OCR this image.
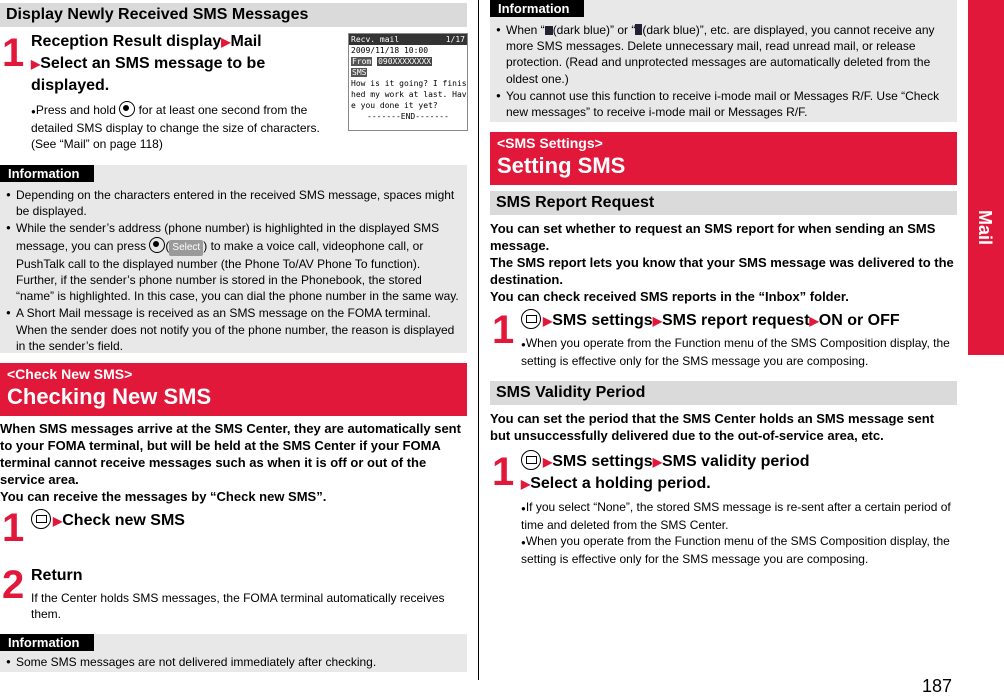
Display Newly Received SMS Messages
1 Reception Result display▶Mail
▶Select an SMS message to be displayed.
●Press and hold for at least one second from the detailed SMS display to change the size of characters. (See “Mail” on page 118)
Recv. mail	1/17
2009/11/18 10:00
From 090XXXXXXXX
SMS
How is it going? I finis
hed my work at last. Hav
e you done it yet?
-------END-------
Information
● Depending on the characters entered in the received SMS message, spaces might be displayed.
● While the sender’s address (phone number) is highlighted in the displayed SMS message, you can press ( Select ) to make a voice call, videophone call, or PushTalk call to the displayed number (the Phone To/AV Phone To function). Further, if the sender’s phone number is stored in the Phonebook, the stored “name” is highlighted. In this case, you can dial the phone number in the same way.
● A Short Mail message is received as an SMS message on the FOMA terminal. When the sender does not notify you of the phone number, the reason is displayed in the sender’s field.
<Check New SMS>
Checking New SMS
When SMS messages arrive at the SMS Center, they are automatically sent to your FOMA terminal, but will be held at the SMS Center if your FOMA terminal cannot receive messages such as when it is off or out of the service area.
You can receive the messages by “Check new SMS”.
1	▶Check new SMS
2 Return
If the Center holds SMS messages, the FOMA terminal automatically receives them.
Information
● Some SMS messages are not delivered immediately after checking.
Information
● When “ (dark blue)” or “ (dark blue)”, etc. are displayed, you cannot receive any more SMS messages. Delete unnecessary mail, read unread mail, or release protection. (Read and unprotected messages are automatically deleted from the oldest one.)
● You cannot use this function to receive i-mode mail or Messages R/F. Use “Check new messages” to receive i-mode mail or Messages R/F.
<SMS Settings>
Setting SMS
SMS Report Request
You can set whether to request an SMS report for when sending an SMS message.
The SMS report lets you know that your SMS message was delivered to the destination.
You can check received SMS reports in the “Inbox” folder.
1	▶SMS settings▶SMS report request▶ON or OFF
●When you operate from the Function menu of the SMS Composition display, the setting is effective only for the SMS message you are composing.
SMS Validity Period
You can set the period that the SMS Center holds an SMS message sent but unsuccessfully delivered due to the out-of-service area, etc.
1	▶SMS settings▶SMS validity period
▶Select a holding period.
●If you select “None”, the stored SMS message is re-sent after a certain period of time and deleted from the SMS Center.
●When you operate from the Function menu of the SMS Composition display, the setting is effective only for the SMS message you are composing.
Mail
187
